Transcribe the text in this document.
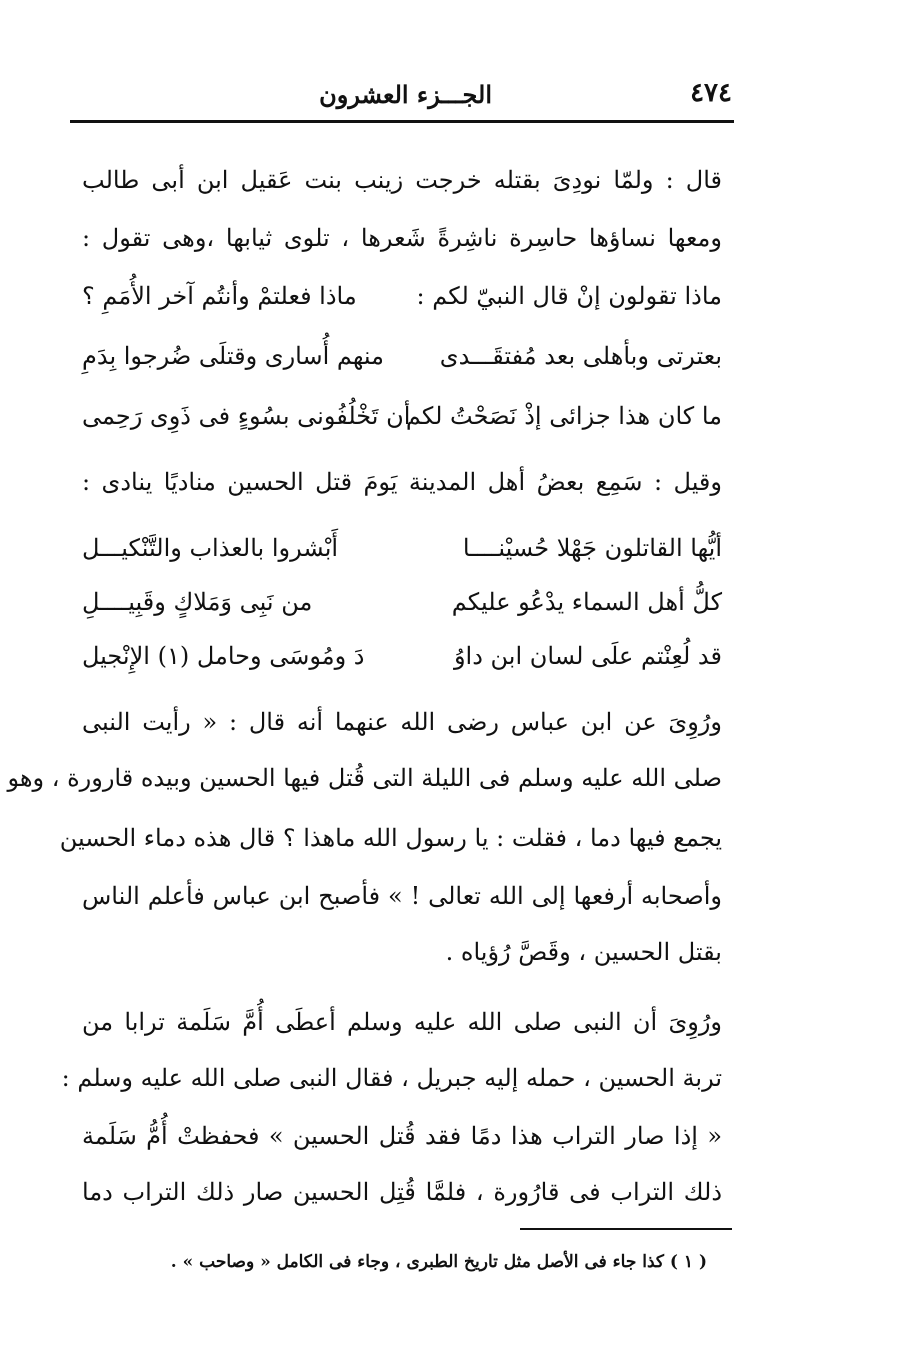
٤٧٤
الجـــزء العشرون
قال : ولمّا نودِىَ بقتله خرجت زينب بنت عَقيل ابن أبى طالب
ومعها نساؤها حاسِرة ناشِرةً شَعرها ، تلوى ثيابها ،وهى تقول :
ماذا تقولون إنْ قال النبيّ لكم :
ماذا فعلتمْ وأنتُم آخر الأُمَمِ ؟
بعترتى وبأهلى بعد مُفتقَـــدى
منهم أُسارى وقتلَى ضُرجوا بِدَمِ
ما كان هذا جزائى إذْ نَصَحْتُ لكم
أن تَخْلُفُونى بسُوءٍ فى ذَوِى رَحِمى
وقيل : سَمِع بعضُ أهل المدينة يَومَ قتل الحسين مناديًا ينادى :
أيُّها القاتلون جَهْلا حُسيْنــــا
أَبْشروا بالعذاب والتَّنْكيـــل
كلُّ أهل السماء يدْعُو عليكم
من نَبِى وَمَلاكٍ وقَبِيــــلِ
قد لُعِنْتم علَى لسان ابن داوُ
دَ ومُوسَى وحامل (١) الإِنْجيل
ورُوِىَ عن ابن عباس رضى الله عنهما أنه قال : « رأيت النبى
صلى الله عليه وسلم فى الليلة التى قُتل فيها الحسين وبيده قارورة ، وهو
يجمع فيها دما ، فقلت : يا رسول الله ماهذا ؟ قال هذه دماء الحسين
وأصحابه أرفعها إلى الله تعالى ! » فأصبح ابن عباس فأعلم الناس
بقتل الحسين ، وقَصَّ رُؤياه .
ورُوِىَ أن النبى صلى الله عليه وسلم أعطَى أُمَّ سَلَمة ترابا من
تربة الحسين ، حمله إليه جبريل ، فقال النبى صلى الله عليه وسلم :
« إذا صار التراب هذا دمًا فقد قُتل الحسين » فحفظتْ أُمُّ سَلَمة
ذلك التراب فى قارُورة ، فلمَّا قُتِل الحسين صار ذلك التراب دما
( ١ ) كذا جاء فى الأصل مثل تاريخ الطبرى ، وجاء فى الكامل « وصاحب » .
